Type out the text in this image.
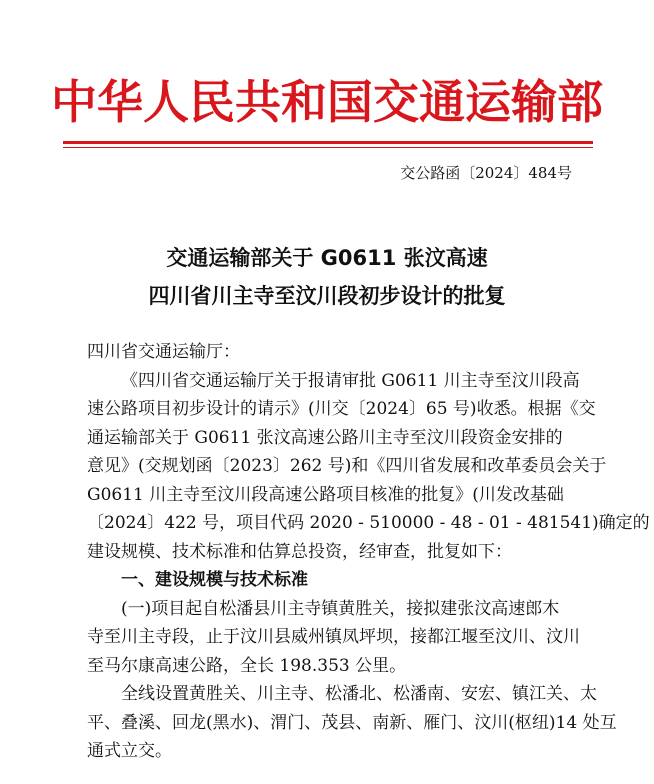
中华人民共和国交通运输部
交公路函〔2024〕484号
交通运输部关于 G0611 张汶高速
四川省川主寺至汶川段初步设计的批复

四川省交通运输厅：

《四川省交通运输厅关于报请审批 G0611 川主寺至汶川段高

速公路项目初步设计的请示》(川交〔2024〕65 号)收悉。根据《交

通运输部关于 G0611 张汶高速公路川主寺至汶川段资金安排的

意见》(交规划函〔2023〕262 号)和《四川省发展和改革委员会关于

G0611 川主寺至汶川段高速公路项目核准的批复》(川发改基础

〔2024〕422 号，项目代码 2020 - 510000 - 48 - 01 - 481541)确定的

建设规模、技术标准和估算总投资，经审查，批复如下：

一、建设规模与技术标准

(一)项目起自松潘县川主寺镇黄胜关，接拟建张汶高速郎木

寺至川主寺段，止于汶川县威州镇凤坪坝，接都江堰至汶川、汶川

至马尔康高速公路，全长 198.353 公里。

全线设置黄胜关、川主寺、松潘北、松潘南、安宏、镇江关、太

平、叠溪、回龙(黑水)、渭门、茂县、南新、雁门、汶川(枢纽)14 处互

通式立交。
